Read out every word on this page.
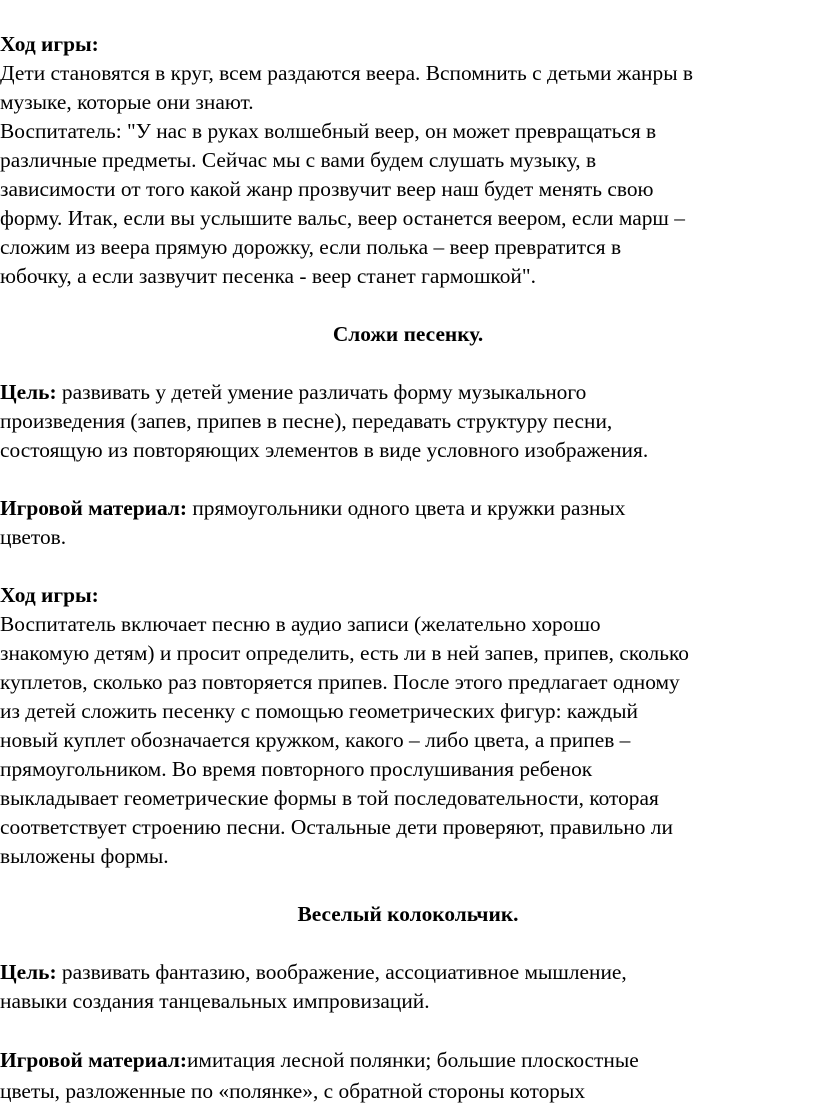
Ход игры:

Дети становятся в круг, всем раздаются веера. Вспомнить с детьми жанры в

музыке, которые они знают.

Воспитатель: "У нас в руках волшебный веер, он может превращаться в

различные предметы. Сейчас мы с вами будем слушать музыку, в

зависимости от того какой жанр прозвучит веер наш будет менять свою

форму. Итак, если вы услышите вальс, веер останется веером, если марш –

сложим из веера прямую дорожку, если полька – веер превратится в

юбочку, а если зазвучит песенка - веер станет гармошкой".

Сложи песенку.

Цель: развивать у детей умение различать форму музыкального

произведения (запев, припев в песне), передавать структуру песни,

состоящую из повторяющих элементов в виде условного изображения.

Игровой материал: прямоугольники одного цвета и кружки разных

цветов.

Ход игры:

Воспитатель включает песню в аудио записи (желательно хорошо

знакомую детям) и просит определить, есть ли в ней запев, припев, сколько

куплетов, сколько раз повторяется припев. После этого предлагает одному

из детей сложить песенку с помощью геометрических фигур: каждый

новый куплет обозначается кружком, какого – либо цвета, а припев –

прямоугольником. Во время повторного прослушивания ребенок

выкладывает геометрические формы в той последовательности, которая

соответствует строению песни. Остальные дети проверяют, правильно ли

выложены формы.

Веселый колокольчик.

Цель: развивать фантазию, воображение, ассоциативное мышление,

навыки создания танцевальных импровизаций.

Игровой материал:имитация лесной полянки; большие плоскостные

цветы, разложенные по «полянке», с обратной стороны которых
